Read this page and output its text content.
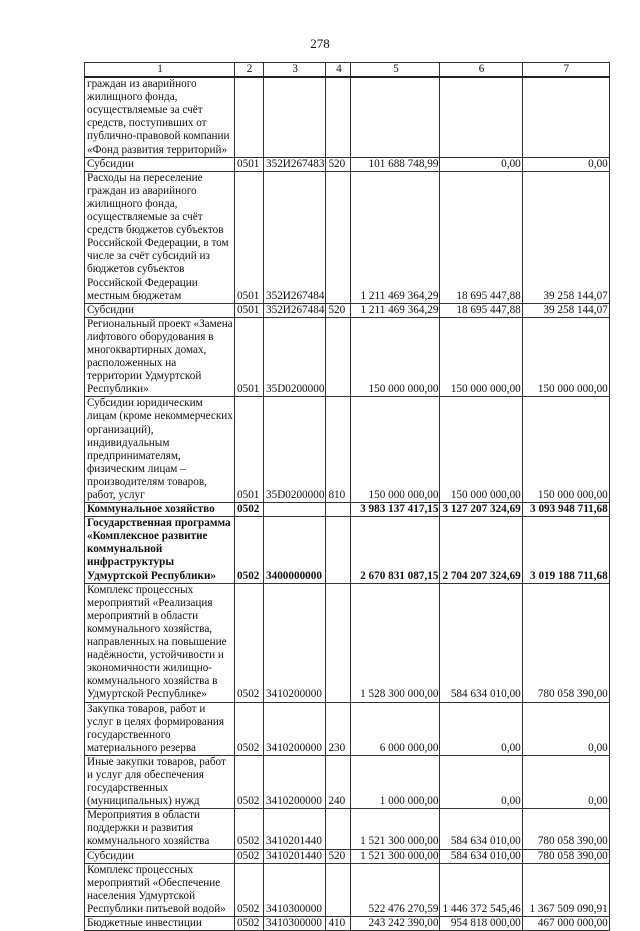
278
1	2	3	4	5	6	7
граждан из аварийного жилищного фонда, осуществляемые за счёт средств, поступивших от публично-правовой компании «Фонд развития территорий»						
Субсидии	0501	352И267483	520	101 688 748,99	0,00	0,00
Расходы на переселение граждан из аварийного жилищного фонда, осуществляемые за счёт средств бюджетов субъектов Российской Федерации, в том числе за счёт субсидий из бюджетов субъектов Российской Федерации местным бюджетам	0501	352И267484		1 211 469 364,29	18 695 447,88	39 258 144,07
Субсидии	0501	352И267484	520	1 211 469 364,29	18 695 447,88	39 258 144,07
Региональный проект «Замена лифтового оборудования в многоквартирных домах, расположенных на территории Удмуртской Республики»	0501	35D0200000		150 000 000,00	150 000 000,00	150 000 000,00
Субсидии юридическим лицам (кроме некоммерческих организаций), индивидуальным предпринимателям, физическим лицам – производителям товаров, работ, услуг	0501	35D0200000	810	150 000 000,00	150 000 000,00	150 000 000,00
Коммунальное хозяйство	0502			3 983 137 417,15	3 127 207 324,69	3 093 948 711,68
Государственная программа «Комплексное развитие коммунальной инфраструктуры Удмуртской Республики»	0502	3400000000		2 670 831 087,15	2 704 207 324,69	3 019 188 711,68
Комплекс процессных мероприятий «Реализация мероприятий в области коммунального хозяйства, направленных на повышение надёжности, устойчивости и экономичности жилищно-коммунального хозяйства в Удмуртской Республике»	0502	3410200000		1 528 300 000,00	584 634 010,00	780 058 390,00
Закупка товаров, работ и услуг в целях формирования государственного материального резерва	0502	3410200000	230	6 000 000,00	0,00	0,00
Иные закупки товаров, работ и услуг для обеспечения государственных (муниципальных) нужд	0502	3410200000	240	1 000 000,00	0,00	0,00
Мероприятия в области поддержки и развития коммунального хозяйства	0502	3410201440		1 521 300 000,00	584 634 010,00	780 058 390,00
Субсидии	0502	3410201440	520	1 521 300 000,00	584 634 010,00	780 058 390,00
Комплекс процессных мероприятий «Обеспечение населения Удмуртской Республики питьевой водой»	0502	3410300000		522 476 270,59	1 446 372 545,46	1 367 509 090,91
Бюджетные инвестиции	0502	3410300000	410	243 242 390,00	954 818 000,00	467 000 000,00
